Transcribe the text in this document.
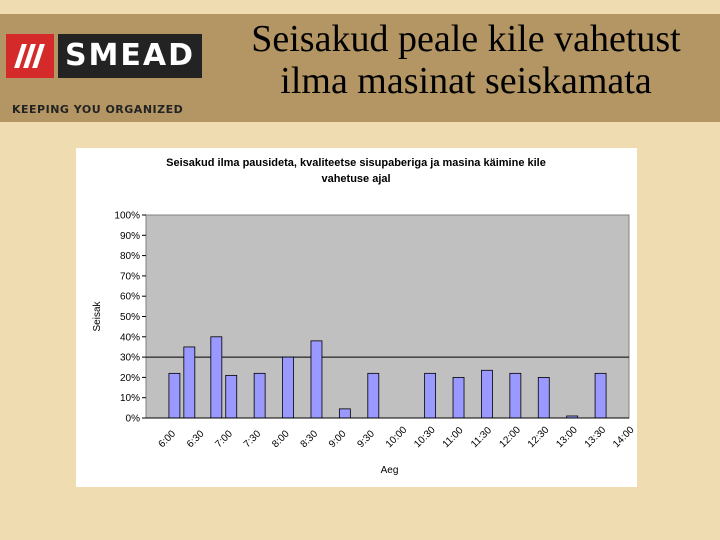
SMEAD
KEEPING YOU ORGANIZED
Seisakud peale kile vahetust
ilma masinat seiskamata
Seisakud ilma pausideta, kvaliteetse sisupaberiga ja masina käimine kile
vahetuse ajal
0%
10%
20%
30%
40%
50%
60%
70%
80%
90%
100%
Seisak
6:00 6:30 7:00 7:30 8:00 8:30 9:00 9:30 10:00 10:30 11:00 11:30 12:00 12:30 13:00 13:30 14:00
Aeg
